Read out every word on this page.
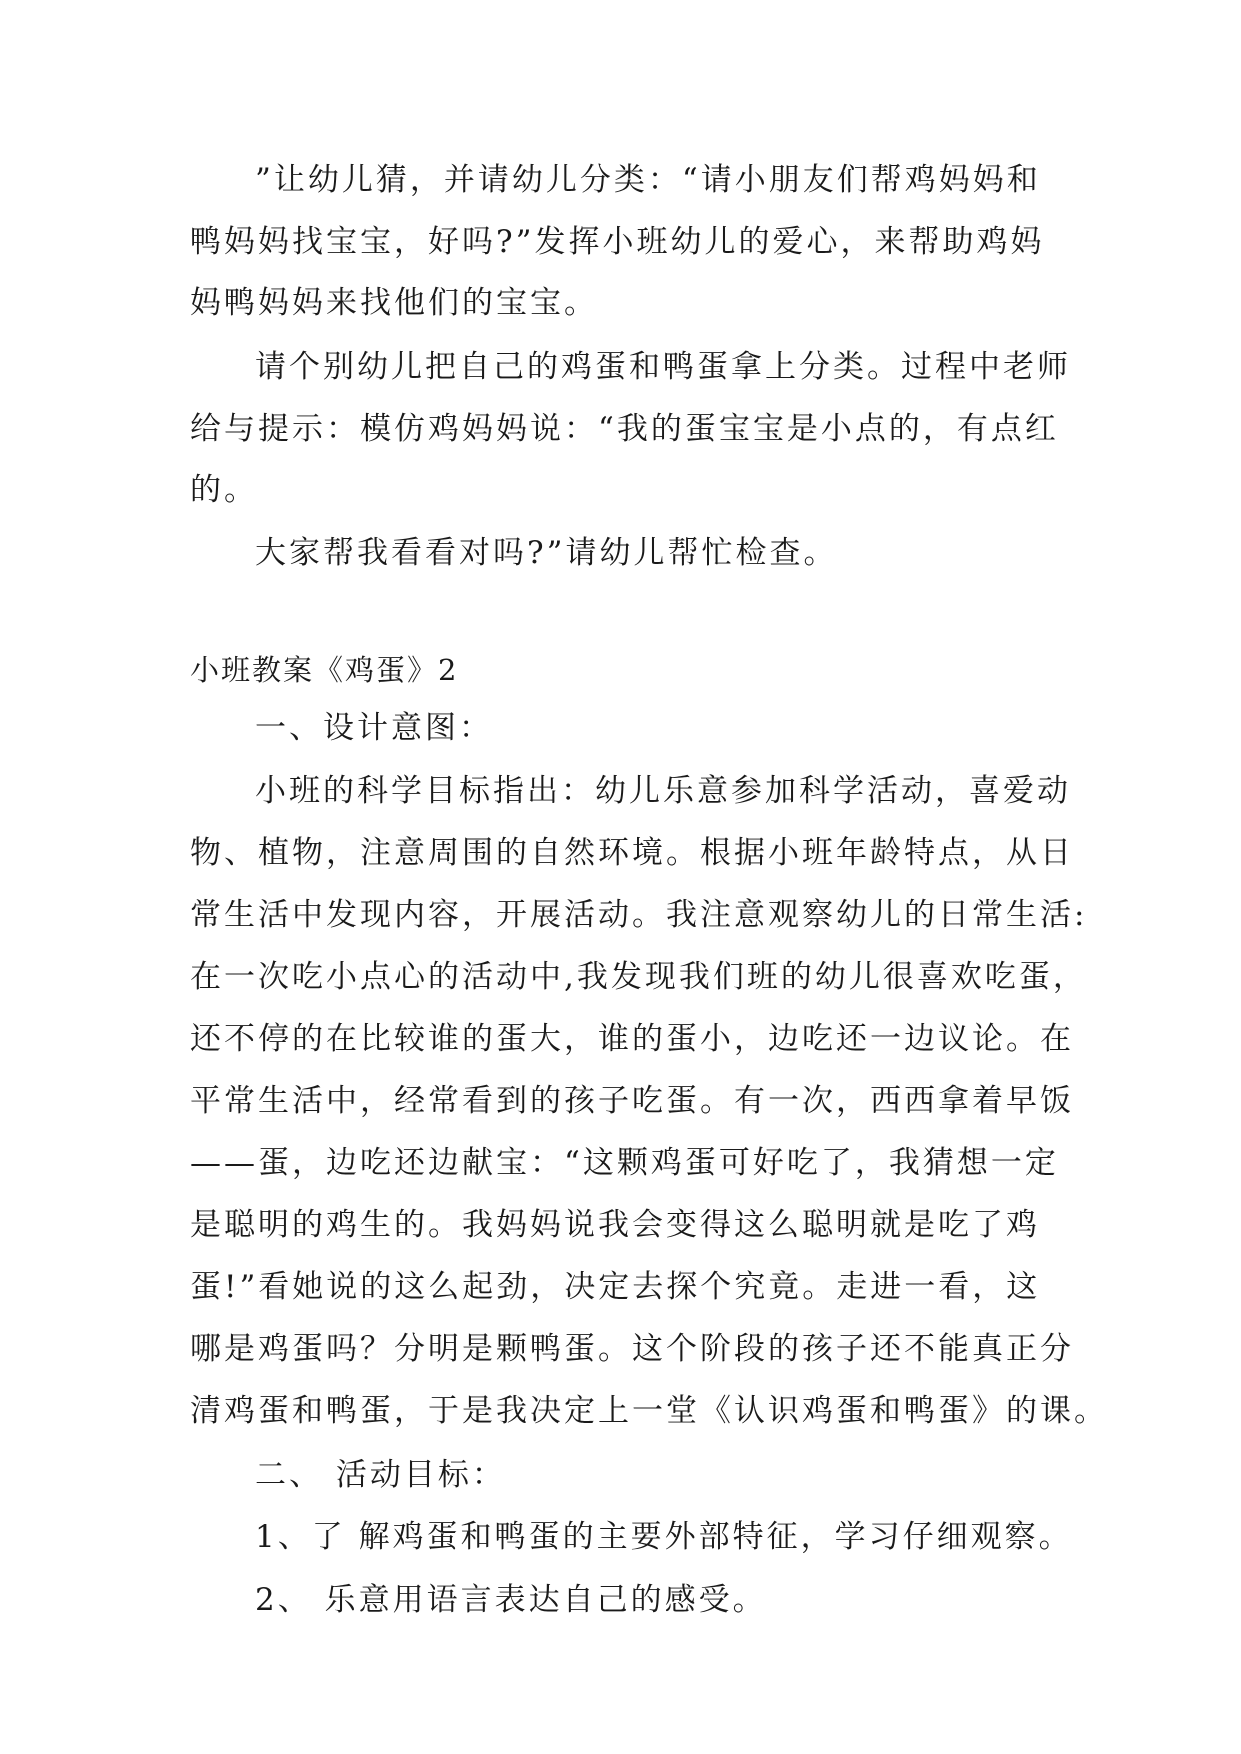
”让幼儿猜，并请幼儿分类：“请小朋友们帮鸡妈妈和
鸭妈妈找宝宝，好吗?”发挥小班幼儿的爱心，来帮助鸡妈
妈鸭妈妈来找他们的宝宝。
请个别幼儿把自己的鸡蛋和鸭蛋拿上分类。过程中老师
给与提示：模仿鸡妈妈说：“我的蛋宝宝是小点的，有点红
的。
大家帮我看看对吗?”请幼儿帮忙检查。
小班教案《鸡蛋》2
一、设计意图：
小班的科学目标指出：幼儿乐意参加科学活动，喜爱动
物、植物，注意周围的自然环境。根据小班年龄特点，从日
常生活中发现内容，开展活动。我注意观察幼儿的日常生活:
在一次吃小点心的活动中,我发现我们班的幼儿很喜欢吃蛋，
还不停的在比较谁的蛋大，谁的蛋小，边吃还一边议论。在
平常生活中，经常看到的孩子吃蛋。有一次，西西拿着早饭
——蛋，边吃还边献宝：“这颗鸡蛋可好吃了，我猜想一定
是聪明的鸡生的。我妈妈说我会变得这么聪明就是吃了鸡
蛋!”看她说的这么起劲，决定去探个究竟。走进一看，这
哪是鸡蛋吗？分明是颗鸭蛋。这个阶段的孩子还不能真正分
清鸡蛋和鸭蛋，于是我决定上一堂《认识鸡蛋和鸭蛋》的课。
二、 活动目标：
1、了 解鸡蛋和鸭蛋的主要外部特征，学习仔细观察。
2、 乐意用语言表达自己的感受。
